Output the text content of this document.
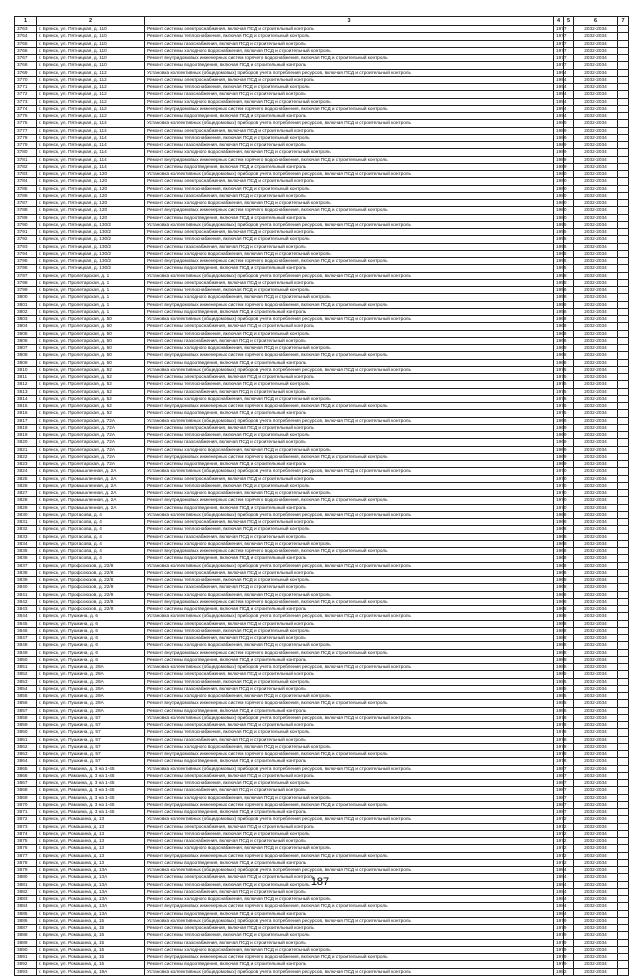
1	2	3	4	5	6	7
3763	г. Брянск, ул. Пятницкая, д. 110	Ремонт системы электроснабжения, включая ПСД и строительный контроль	1977		2032-2034	
3764	г. Брянск, ул. Пятницкая, д. 110	Ремонт системы теплоснабжения, включая ПСД и строительный контроль	1977		2032-2034	
3765	г. Брянск, ул. Пятницкая, д. 110	Ремонт системы газоснабжения, включая ПСД и строительный контроль	1977		2032-2034	
3766	г. Брянск, ул. Пятницкая, д. 110	Ремонт системы холодного водоснабжения, включая ПСД и строительный контроль	1977		2032-2034	
3767	г. Брянск, ул. Пятницкая, д. 110	Ремонт внутридомовых инженерных систем горячего водоснабжения, включая ПСД и строительный контроль	1977		2032-2034	
3768	г. Брянск, ул. Пятницкая, д. 110	Ремонт системы водоотведения, включая ПСД и строительный контроль	1977		2032-2034	
3769	г. Брянск, ул. Пятницкая, д. 112	Установка коллективных (общедомовых) приборов учета потребления ресурсов, включая ПСД и строительный контроль	1994		2032-2034	
3770	г. Брянск, ул. Пятницкая, д. 112	Ремонт системы электроснабжения, включая ПСД и строительный контроль	1994		2032-2034	
3771	г. Брянск, ул. Пятницкая, д. 112	Ремонт системы теплоснабжения, включая ПСД и строительный контроль	1994		2032-2034	
3772	г. Брянск, ул. Пятницкая, д. 112	Ремонт системы газоснабжения, включая ПСД и строительный контроль	1994		2032-2034	
3773	г. Брянск, ул. Пятницкая, д. 112	Ремонт системы холодного водоснабжения, включая ПСД и строительный контроль	1994		2032-2034	
3774	г. Брянск, ул. Пятницкая, д. 112	Ремонт внутридомовых инженерных систем горячего водоснабжения, включая ПСД и строительный контроль	1994		2032-2034	
3775	г. Брянск, ул. Пятницкая, д. 112	Ремонт системы водоотведения, включая ПСД и строительный контроль	1994		2032-2034	
3776	г. Брянск, ул. Пятницкая, д. 114	Установка коллективных (общедомовых) приборов учета потребления ресурсов, включая ПСД и строительный контроль	1989		2032-2034	
3777	г. Брянск, ул. Пятницкая, д. 114	Ремонт системы электроснабжения, включая ПСД и строительный контроль	1989		2032-2034	
3778	г. Брянск, ул. Пятницкая, д. 114	Ремонт системы теплоснабжения, включая ПСД и строительный контроль	1989		2032-2034	
3779	г. Брянск, ул. Пятницкая, д. 114	Ремонт системы газоснабжения, включая ПСД и строительный контроль	1989		2032-2034	
3780	г. Брянск, ул. Пятницкая, д. 114	Ремонт системы холодного водоснабжения, включая ПСД и строительный контроль	1989		2032-2034	
3781	г. Брянск, ул. Пятницкая, д. 114	Ремонт внутридомовых инженерных систем горячего водоснабжения, включая ПСД и строительный контроль	1989		2032-2034	
3782	г. Брянск, ул. Пятницкая, д. 114	Ремонт системы водоотведения, включая ПСД и строительный контроль	1989		2032-2034	
3783	г. Брянск, ул. Пятницкая, д. 120	Установка коллективных (общедомовых) приборов учета потребления ресурсов, включая ПСД и строительный контроль	1980		2032-2034	
3784	г. Брянск, ул. Пятницкая, д. 120	Ремонт системы электроснабжения, включая ПСД и строительный контроль	1980		2032-2034	
3785	г. Брянск, ул. Пятницкая, д. 120	Ремонт системы теплоснабжения, включая ПСД и строительный контроль	1980		2032-2034	
3786	г. Брянск, ул. Пятницкая, д. 120	Ремонт системы газоснабжения, включая ПСД и строительный контроль	1980		2032-2034	
3787	г. Брянск, ул. Пятницкая, д. 120	Ремонт системы холодного водоснабжения, включая ПСД и строительный контроль	1980		2032-2034	
3788	г. Брянск, ул. Пятницкая, д. 120	Ремонт внутридомовых инженерных систем горячего водоснабжения, включая ПСД и строительный контроль	1980		2032-2034	
3789	г. Брянск, ул. Пятницкая, д. 120	Ремонт системы водоотведения, включая ПСД и строительный контроль	1980		2032-2034	
3790	г. Брянск, ул. Пятницкая, д. 130/2	Установка коллективных (общедомовых) приборов учета потребления ресурсов, включая ПСД и строительный контроль	1995		2032-2034	
3791	г. Брянск, ул. Пятницкая, д. 130/2	Ремонт системы электроснабжения, включая ПСД и строительный контроль	1995		2032-2034	
3792	г. Брянск, ул. Пятницкая, д. 130/2	Ремонт системы теплоснабжения, включая ПСД и строительный контроль	1995		2032-2034	
3793	г. Брянск, ул. Пятницкая, д. 130/2	Ремонт системы газоснабжения, включая ПСД и строительный контроль	1995		2032-2034	
3794	г. Брянск, ул. Пятницкая, д. 130/2	Ремонт системы холодного водоснабжения, включая ПСД и строительный контроль	1995		2032-2034	
3795	г. Брянск, ул. Пятницкая, д. 130/2	Ремонт внутридомовых инженерных систем горячего водоснабжения, включая ПСД и строительный контроль	1995		2032-2034	
3796	г. Брянск, ул. Пятницкая, д. 130/2	Ремонт системы водоотведения, включая ПСД и строительный контроль	1995		2032-2034	
3797	г. Брянск, ул. Пролетарская, д. 1	Установка коллективных (общедомовых) приборов учета потребления ресурсов, включая ПСД и строительный контроль	1958		2032-2034	
3798	г. Брянск, ул. Пролетарская, д. 1	Ремонт системы электроснабжения, включая ПСД и строительный контроль	1958		2032-2034	
3799	г. Брянск, ул. Пролетарская, д. 1	Ремонт системы теплоснабжения, включая ПСД и строительный контроль	1958		2032-2034	
3800	г. Брянск, ул. Пролетарская, д. 1	Ремонт системы холодного водоснабжения, включая ПСД и строительный контроль	1958		2032-2034	
3801	г. Брянск, ул. Пролетарская, д. 1	Ремонт внутридомовых инженерных систем горячего водоснабжения, включая ПСД и строительный контроль	1958		2032-2034	
3802	г. Брянск, ул. Пролетарская, д. 1	Ремонт системы водоотведения, включая ПСД и строительный контроль	1958		2032-2034	
3803	г. Брянск, ул. Пролетарская, д. 50	Установка коллективных (общедомовых) приборов учета потребления ресурсов, включая ПСД и строительный контроль	1968		2032-2034	
3804	г. Брянск, ул. Пролетарская, д. 50	Ремонт системы электроснабжения, включая ПСД и строительный контроль	1968		2032-2034	
3805	г. Брянск, ул. Пролетарская, д. 50	Ремонт системы теплоснабжения, включая ПСД и строительный контроль	1968		2032-2034	
3806	г. Брянск, ул. Пролетарская, д. 50	Ремонт системы газоснабжения, включая ПСД и строительный контроль	1968		2032-2034	
3807	г. Брянск, ул. Пролетарская, д. 50	Ремонт системы холодного водоснабжения, включая ПСД и строительный контроль	1968		2032-2034	
3808	г. Брянск, ул. Пролетарская, д. 50	Ремонт внутридомовых инженерных систем горячего водоснабжения, включая ПСД и строительный контроль	1968		2032-2034	
3809	г. Брянск, ул. Пролетарская, д. 50	Ремонт системы водоотведения, включая ПСД и строительный контроль	1968		2032-2034	
3810	г. Брянск, ул. Пролетарская, д. 52	Установка коллективных (общедомовых) приборов учета потребления ресурсов, включая ПСД и строительный контроль	1975		2032-2034	
3811	г. Брянск, ул. Пролетарская, д. 52	Ремонт системы электроснабжения, включая ПСД и строительный контроль	1975		2032-2034	
3812	г. Брянск, ул. Пролетарская, д. 52	Ремонт системы теплоснабжения, включая ПСД и строительный контроль	1975		2032-2034	
3813	г. Брянск, ул. Пролетарская, д. 52	Ремонт системы газоснабжения, включая ПСД и строительный контроль	1975		2032-2034	
3814	г. Брянск, ул. Пролетарская, д. 52	Ремонт системы холодного водоснабжения, включая ПСД и строительный контроль	1975		2032-2034	
3815	г. Брянск, ул. Пролетарская, д. 52	Ремонт внутридомовых инженерных систем горячего водоснабжения, включая ПСД и строительный контроль	1975		2032-2034	
3816	г. Брянск, ул. Пролетарская, д. 52	Ремонт системы водоотведения, включая ПСД и строительный контроль	1975		2032-2034	
3817	г. Брянск, ул. Пролетарская, д. 72А	Установка коллективных (общедомовых) приборов учета потребления ресурсов, включая ПСД и строительный контроль	1969		2032-2034	
3818	г. Брянск, ул. Пролетарская, д. 72А	Ремонт системы электроснабжения, включая ПСД и строительный контроль	1969		2032-2034	
3819	г. Брянск, ул. Пролетарская, д. 72А	Ремонт системы теплоснабжения, включая ПСД и строительный контроль	1969		2032-2034	
3820	г. Брянск, ул. Пролетарская, д. 72А	Ремонт системы газоснабжения, включая ПСД и строительный контроль	1969		2032-2034	
3821	г. Брянск, ул. Пролетарская, д. 72А	Ремонт системы холодного водоснабжения, включая ПСД и строительный контроль	1969		2032-2034	
3822	г. Брянск, ул. Пролетарская, д. 72А	Ремонт внутридомовых инженерных систем горячего водоснабжения, включая ПСД и строительный контроль	1969		2032-2034	
3823	г. Брянск, ул. Пролетарская, д. 72А	Ремонт системы водоотведения, включая ПСД и строительный контроль	1969		2032-2034	
3824	г. Брянск, ул. Промышленная, д. 2А	Установка коллективных (общедомовых) приборов учета потребления ресурсов, включая ПСД и строительный контроль	1970		2032-2034	
3825	г. Брянск, ул. Промышленная, д. 2А	Ремонт системы электроснабжения, включая ПСД и строительный контроль	1970		2032-2034	
3826	г. Брянск, ул. Промышленная, д. 2А	Ремонт системы теплоснабжения, включая ПСД и строительный контроль	1970		2032-2034	
3827	г. Брянск, ул. Промышленная, д. 2А	Ремонт системы холодного водоснабжения, включая ПСД и строительный контроль	1970		2032-2034	
3828	г. Брянск, ул. Промышленная, д. 2А	Ремонт внутридомовых инженерных систем горячего водоснабжения, включая ПСД и строительный контроль	1970		2032-2034	
3829	г. Брянск, ул. Промышленная, д. 2А	Ремонт системы водоотведения, включая ПСД и строительный контроль	1970		2032-2034	
3830	г. Брянск, ул. Протасова, д. 4	Установка коллективных (общедомовых) приборов учета потребления ресурсов, включая ПСД и строительный контроль	1968		2032-2034	
3831	г. Брянск, ул. Протасова, д. 4	Ремонт системы электроснабжения, включая ПСД и строительный контроль	1968		2032-2034	
3832	г. Брянск, ул. Протасова, д. 4	Ремонт системы теплоснабжения, включая ПСД и строительный контроль	1968		2032-2034	
3833	г. Брянск, ул. Протасова, д. 4	Ремонт системы газоснабжения, включая ПСД и строительный контроль	1968		2032-2034	
3834	г. Брянск, ул. Протасова, д. 4	Ремонт системы холодного водоснабжения, включая ПСД и строительный контроль	1968		2032-2034	
3835	г. Брянск, ул. Протасова, д. 4	Ремонт внутридомовых инженерных систем горячего водоснабжения, включая ПСД и строительный контроль	1968		2032-2034	
3836	г. Брянск, ул. Протасова, д. 4	Ремонт системы водоотведения, включая ПСД и строительный контроль	1968		2032-2034	
3837	г. Брянск, ул. Профсоюзов, д. 22/8	Установка коллективных (общедомовых) приборов учета потребления ресурсов, включая ПСД и строительный контроль	1968		2032-2034	
3838	г. Брянск, ул. Профсоюзов, д. 22/8	Ремонт системы электроснабжения, включая ПСД и строительный контроль	1968		2032-2034	
3839	г. Брянск, ул. Профсоюзов, д. 22/8	Ремонт системы теплоснабжения, включая ПСД и строительный контроль	1968		2032-2034	
3840	г. Брянск, ул. Профсоюзов, д. 22/8	Ремонт системы газоснабжения, включая ПСД и строительный контроль	1968		2032-2034	
3841	г. Брянск, ул. Профсоюзов, д. 22/8	Ремонт системы холодного водоснабжения, включая ПСД и строительный контроль	1968		2032-2034	
3842	г. Брянск, ул. Профсоюзов, д. 22/8	Ремонт внутридомовых инженерных систем горячего водоснабжения, включая ПСД и строительный контроль	1968		2032-2034	
3843	г. Брянск, ул. Профсоюзов, д. 22/8	Ремонт системы водоотведения, включая ПСД и строительный контроль	1968		2032-2034	
3844	г. Брянск, ул. Пушкина, д. 6	Установка коллективных (общедомовых) приборов учета потребления ресурсов, включая ПСД и строительный контроль	1988		2032-2034	
3845	г. Брянск, ул. Пушкина, д. 6	Ремонт системы электроснабжения, включая ПСД и строительный контроль	1988		2032-2034	
3846	г. Брянск, ул. Пушкина, д. 6	Ремонт системы теплоснабжения, включая ПСД и строительный контроль	1988		2032-2034	
3847	г. Брянск, ул. Пушкина, д. 6	Ремонт системы газоснабжения, включая ПСД и строительный контроль	1988		2032-2034	
3848	г. Брянск, ул. Пушкина, д. 6	Ремонт системы холодного водоснабжения, включая ПСД и строительный контроль	1988		2032-2034	
3849	г. Брянск, ул. Пушкина, д. 6	Ремонт внутридомовых инженерных систем горячего водоснабжения, включая ПСД и строительный контроль	1988		2032-2034	
3850	г. Брянск, ул. Пушкина, д. 6	Ремонт системы водоотведения, включая ПСД и строительный контроль	1988		2032-2034	
3851	г. Брянск, ул. Пушкина, д. 29А	Установка коллективных (общедомовых) приборов учета потребления ресурсов, включая ПСД и строительный контроль	1985		2032-2034	
3852	г. Брянск, ул. Пушкина, д. 29А	Ремонт системы электроснабжения, включая ПСД и строительный контроль	1985		2032-2034	
3853	г. Брянск, ул. Пушкина, д. 29А	Ремонт системы теплоснабжения, включая ПСД и строительный контроль	1985		2032-2034	
3854	г. Брянск, ул. Пушкина, д. 29А	Ремонт системы газоснабжения, включая ПСД и строительный контроль	1985		2032-2034	
3855	г. Брянск, ул. Пушкина, д. 29А	Ремонт системы холодного водоснабжения, включая ПСД и строительный контроль	1985		2032-2034	
3856	г. Брянск, ул. Пушкина, д. 29А	Ремонт внутридомовых инженерных систем горячего водоснабжения, включая ПСД и строительный контроль	1985		2032-2034	
3857	г. Брянск, ул. Пушкина, д. 29А	Ремонт системы водоотведения, включая ПСД и строительный контроль	1985		2032-2034	
3858	г. Брянск, ул. Пушкина, д. 57	Установка коллективных (общедомовых) приборов учета потребления ресурсов, включая ПСД и строительный контроль	1978		2032-2034	
3859	г. Брянск, ул. Пушкина, д. 57	Ремонт системы электроснабжения, включая ПСД и строительный контроль	1978		2032-2034	
3860	г. Брянск, ул. Пушкина, д. 57	Ремонт системы теплоснабжения, включая ПСД и строительный контроль	1978		2032-2034	
3861	г. Брянск, ул. Пушкина, д. 57	Ремонт системы газоснабжения, включая ПСД и строительный контроль	1978		2032-2034	
3862	г. Брянск, ул. Пушкина, д. 57	Ремонт системы холодного водоснабжения, включая ПСД и строительный контроль	1978		2032-2034	
3863	г. Брянск, ул. Пушкина, д. 57	Ремонт внутридомовых инженерных систем горячего водоснабжения, включая ПСД и строительный контроль	1978		2032-2034	
3864	г. Брянск, ул. Пушкина, д. 57	Ремонт системы водоотведения, включая ПСД и строительный контроль	1978		2032-2034	
3865	г. Брянск, ул. Рамзина, д. 3 на 1-45	Установка коллективных (общедомовых) приборов учета потребления ресурсов, включая ПСД и строительный контроль	1987		2032-2034	
3866	г. Брянск, ул. Рамзина, д. 3 на 1-45	Ремонт системы электроснабжения, включая ПСД и строительный контроль	1987		2032-2034	
3867	г. Брянск, ул. Рамзина, д. 3 на 1-45	Ремонт системы теплоснабжения, включая ПСД и строительный контроль	1987		2032-2034	
3868	г. Брянск, ул. Рамзина, д. 3 на 1-45	Ремонт системы газоснабжения, включая ПСД и строительный контроль	1987		2032-2034	
3869	г. Брянск, ул. Рамзина, д. 3 на 1-45	Ремонт системы холодного водоснабжения, включая ПСД и строительный контроль	1987		2032-2034	
3870	г. Брянск, ул. Рамзина, д. 3 на 1-45	Ремонт внутридомовых инженерных систем горячего водоснабжения, включая ПСД и строительный контроль	1987		2032-2034	
3871	г. Брянск, ул. Рамзина, д. 3 на 1-45	Ремонт системы водоотведения, включая ПСД и строительный контроль	1987		2032-2034	
3872	г. Брянск, ул. Ромашина, д. 13	Установка коллективных (общедомовых) приборов учета потребления ресурсов, включая ПСД и строительный контроль	1972		2032-2034	
3873	г. Брянск, ул. Ромашина, д. 13	Ремонт системы электроснабжения, включая ПСД и строительный контроль	1972		2032-2034	
3874	г. Брянск, ул. Ромашина, д. 13	Ремонт системы теплоснабжения, включая ПСД и строительный контроль	1972		2032-2034	
3875	г. Брянск, ул. Ромашина, д. 13	Ремонт системы газоснабжения, включая ПСД и строительный контроль	1972		2032-2034	
3876	г. Брянск, ул. Ромашина, д. 13	Ремонт системы холодного водоснабжения, включая ПСД и строительный контроль	1972		2032-2034	
3877	г. Брянск, ул. Ромашина, д. 13	Ремонт внутридомовых инженерных систем горячего водоснабжения, включая ПСД и строительный контроль	1972		2032-2034	
3878	г. Брянск, ул. Ромашина, д. 13	Ремонт системы водоотведения, включая ПСД и строительный контроль	1972		2032-2034	
3879	г. Брянск, ул. Ромашина, д. 13А	Установка коллективных (общедомовых) приборов учета потребления ресурсов, включая ПСД и строительный контроль	1984		2032-2034	
3880	г. Брянск, ул. Ромашина, д. 13А	Ремонт системы электроснабжения, включая ПСД и строительный контроль	1984		2032-2034	
3881	г. Брянск, ул. Ромашина, д. 13А	Ремонт системы теплоснабжения, включая ПСД и строительный контроль	1984		2032-2034	
3882	г. Брянск, ул. Ромашина, д. 13А	Ремонт системы газоснабжения, включая ПСД и строительный контроль	1984		2032-2034	
3883	г. Брянск, ул. Ромашина, д. 13А	Ремонт системы холодного водоснабжения, включая ПСД и строительный контроль	1984		2032-2034	
3884	г. Брянск, ул. Ромашина, д. 13А	Ремонт внутридомовых инженерных систем горячего водоснабжения, включая ПСД и строительный контроль	1984		2032-2034	
3885	г. Брянск, ул. Ромашина, д. 13А	Ремонт системы водоотведения, включая ПСД и строительный контроль	1984		2032-2034	
3886	г. Брянск, ул. Ромашина, д. 15	Установка коллективных (общедомовых) приборов учета потребления ресурсов, включая ПСД и строительный контроль	1979		2032-2034	
3887	г. Брянск, ул. Ромашина, д. 15	Ремонт системы электроснабжения, включая ПСД и строительный контроль	1979		2032-2034	
3888	г. Брянск, ул. Ромашина, д. 15	Ремонт системы теплоснабжения, включая ПСД и строительный контроль	1979		2032-2034	
3889	г. Брянск, ул. Ромашина, д. 15	Ремонт системы газоснабжения, включая ПСД и строительный контроль	1979		2032-2034	
3890	г. Брянск, ул. Ромашина, д. 15	Ремонт системы холодного водоснабжения, включая ПСД и строительный контроль	1979		2032-2034	
3891	г. Брянск, ул. Ромашина, д. 15	Ремонт внутридомовых инженерных систем горячего водоснабжения, включая ПСД и строительный контроль	1979		2032-2034	
3892	г. Брянск, ул. Ромашина, д. 15	Ремонт системы водоотведения, включая ПСД и строительный контроль	1979		2032-2034	
3893	г. Брянск, ул. Ромашина, д. 19А	Установка коллективных (общедомовых) приборов учета потребления ресурсов, включая ПСД и строительный контроль	1982		2032-2034	
187
